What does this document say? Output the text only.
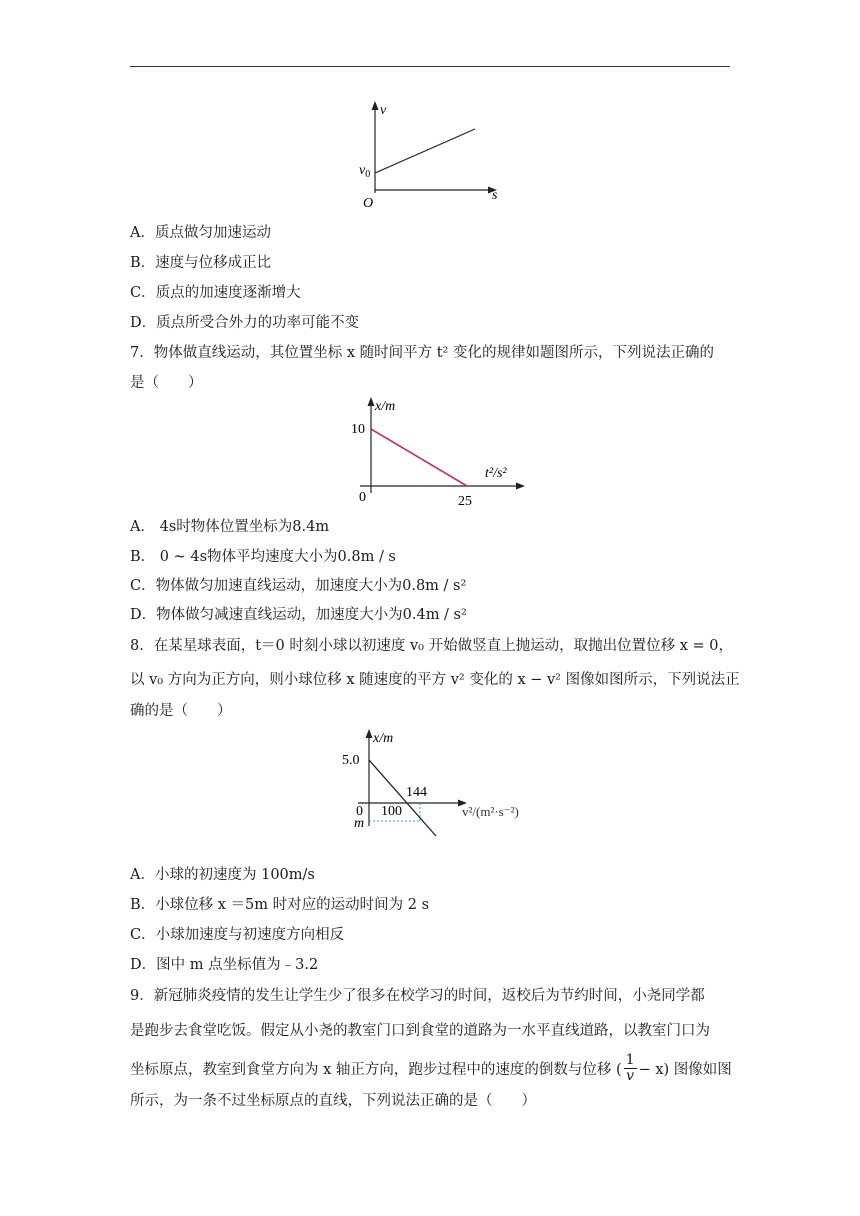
v
s
O
$v_0$
A．质点做匀加速运动
B．速度与位移成正比
C．质点的加速度逐渐增大
D．质点所受合外力的功率可能不变
7．物体做直线运动，其位置坐标 x 随时间平方 t² 变化的规律如题图所示，下列说法正确的
是（　　）
x/m
t²/s²
10
0	25
A． 4s时物体位置坐标为8.4m
B． 0 ~ 4s物体平均速度大小为0.8m / s
C．物体做匀加速直线运动，加速度大小为0.8m / s²
D．物体做匀减速直线运动，加速度大小为0.4m / s²
8．在某星球表面，t＝0 时刻小球以初速度 v₀ 开始做竖直上抛运动，取抛出位置位移 x = 0，
以 v₀ 方向为正方向，则小球位移 x 随速度的平方 v² 变化的 x − v² 图像如图所示，下列说法正
确的是（　　）
x/m
v²/(m²·s⁻²)
5.0
0 100
144
m
A．小球的初速度为 100m/s
B．小球位移 x ＝5m 时对应的运动时间为 2 s
C．小球加速度与初速度方向相反
D．图中 m 点坐标值为﹣3.2
9．新冠肺炎疫情的发生让学生少了很多在校学习的时间，返校后为节约时间，小尧同学都
是跑步去食堂吃饭。假定从小尧的教室门口到食堂的道路为一水平直线道路，以教室门口为
坐标原点，教室到食堂方向为 x 轴正方向，跑步过程中的速度的倒数与位移 (
1
v − x) 图像如图
所示，为一条不过坐标原点的直线，下列说法正确的是（　　）
